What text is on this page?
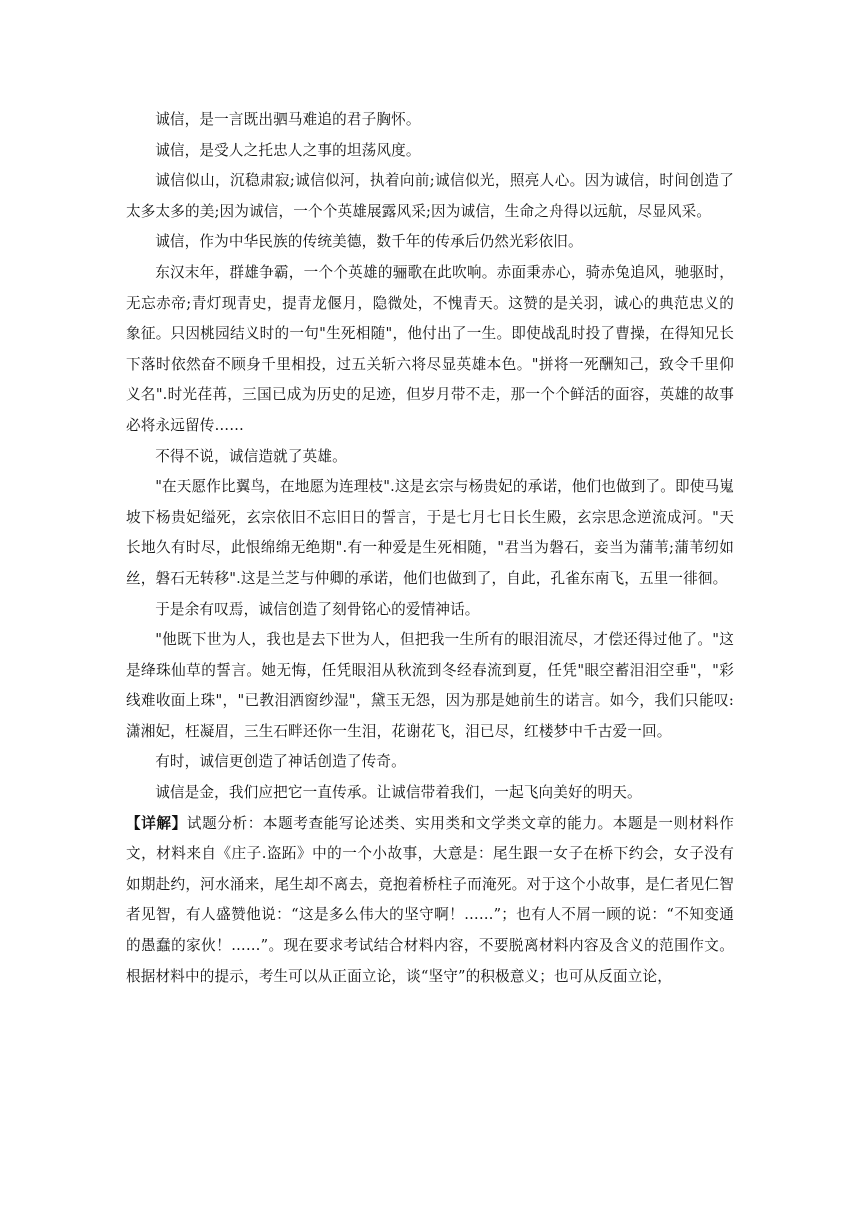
诚信，是一言既出驷马难追的君子胸怀。

诚信，是受人之托忠人之事的坦荡风度。

诚信似山，沉稳肃寂;诚信似河，执着向前;诚信似光，照亮人心。因为诚信，时间创造了太多太多的美;因为诚信，一个个英雄展露风采;因为诚信，生命之舟得以远航，尽显风采。

诚信，作为中华民族的传统美德，数千年的传承后仍然光彩依旧。

东汉末年，群雄争霸，一个个英雄的骊歌在此吹响。赤面秉赤心，骑赤兔追风，驰驱时，无忘赤帝;青灯现青史，提青龙偃月，隐微处，不愧青天。这赞的是关羽，诚心的典范忠义的象征。只因桃园结义时的一句"生死相随"，他付出了一生。即使战乱时投了曹操，在得知兄长下落时依然奋不顾身千里相投，过五关斩六将尽显英雄本色。"拼将一死酬知己，致令千里仰义名".时光荏苒，三国已成为历史的足迹，但岁月带不走，那一个个鲜活的面容，英雄的故事必将永远留传……

不得不说，诚信造就了英雄。

"在天愿作比翼鸟，在地愿为连理枝".这是玄宗与杨贵妃的承诺，他们也做到了。即使马嵬坡下杨贵妃缢死，玄宗依旧不忘旧日的誓言，于是七月七日长生殿，玄宗思念逆流成河。"天长地久有时尽，此恨绵绵无绝期".有一种爱是生死相随，"君当为磐石，妾当为蒲苇;蒲苇纫如丝，磐石无转移".这是兰芝与仲卿的承诺，他们也做到了，自此，孔雀东南飞，五里一徘徊。

于是余有叹焉，诚信创造了刻骨铭心的爱情神话。

"他既下世为人，我也是去下世为人，但把我一生所有的眼泪流尽，才偿还得过他了。"这是绛珠仙草的誓言。她无悔，任凭眼泪从秋流到冬经春流到夏，任凭"眼空蓄泪泪空垂"，"彩线难收面上珠"，"已教泪洒窗纱湿"，黛玉无怨，因为那是她前生的诺言。如今，我们只能叹:潇湘妃，枉凝眉，三生石畔还你一生泪，花谢花飞，泪已尽，红楼梦中千古爱一回。

有时，诚信更创造了神话创造了传奇。

诚信是金，我们应把它一直传承。让诚信带着我们，一起飞向美好的明天。

【详解】试题分析：本题考查能写论述类、实用类和文学类文章的能力。本题是一则材料作文，材料来自《庄子.盗跖》中的一个小故事，大意是：尾生跟一女子在桥下约会，女子没有如期赴约，河水涌来，尾生却不离去，竟抱着桥柱子而淹死。对于这个小故事，是仁者见仁智者见智，有人盛赞他说：“这是多么伟大的坚守啊！……”；也有人不屑一顾的说：“不知变通的愚蠢的家伙！……”。现在要求考试结合材料内容，不要脱离材料内容及含义的范围作文。根据材料中的提示，考生可以从正面立论，谈“坚守”的积极意义；也可从反面立论，
